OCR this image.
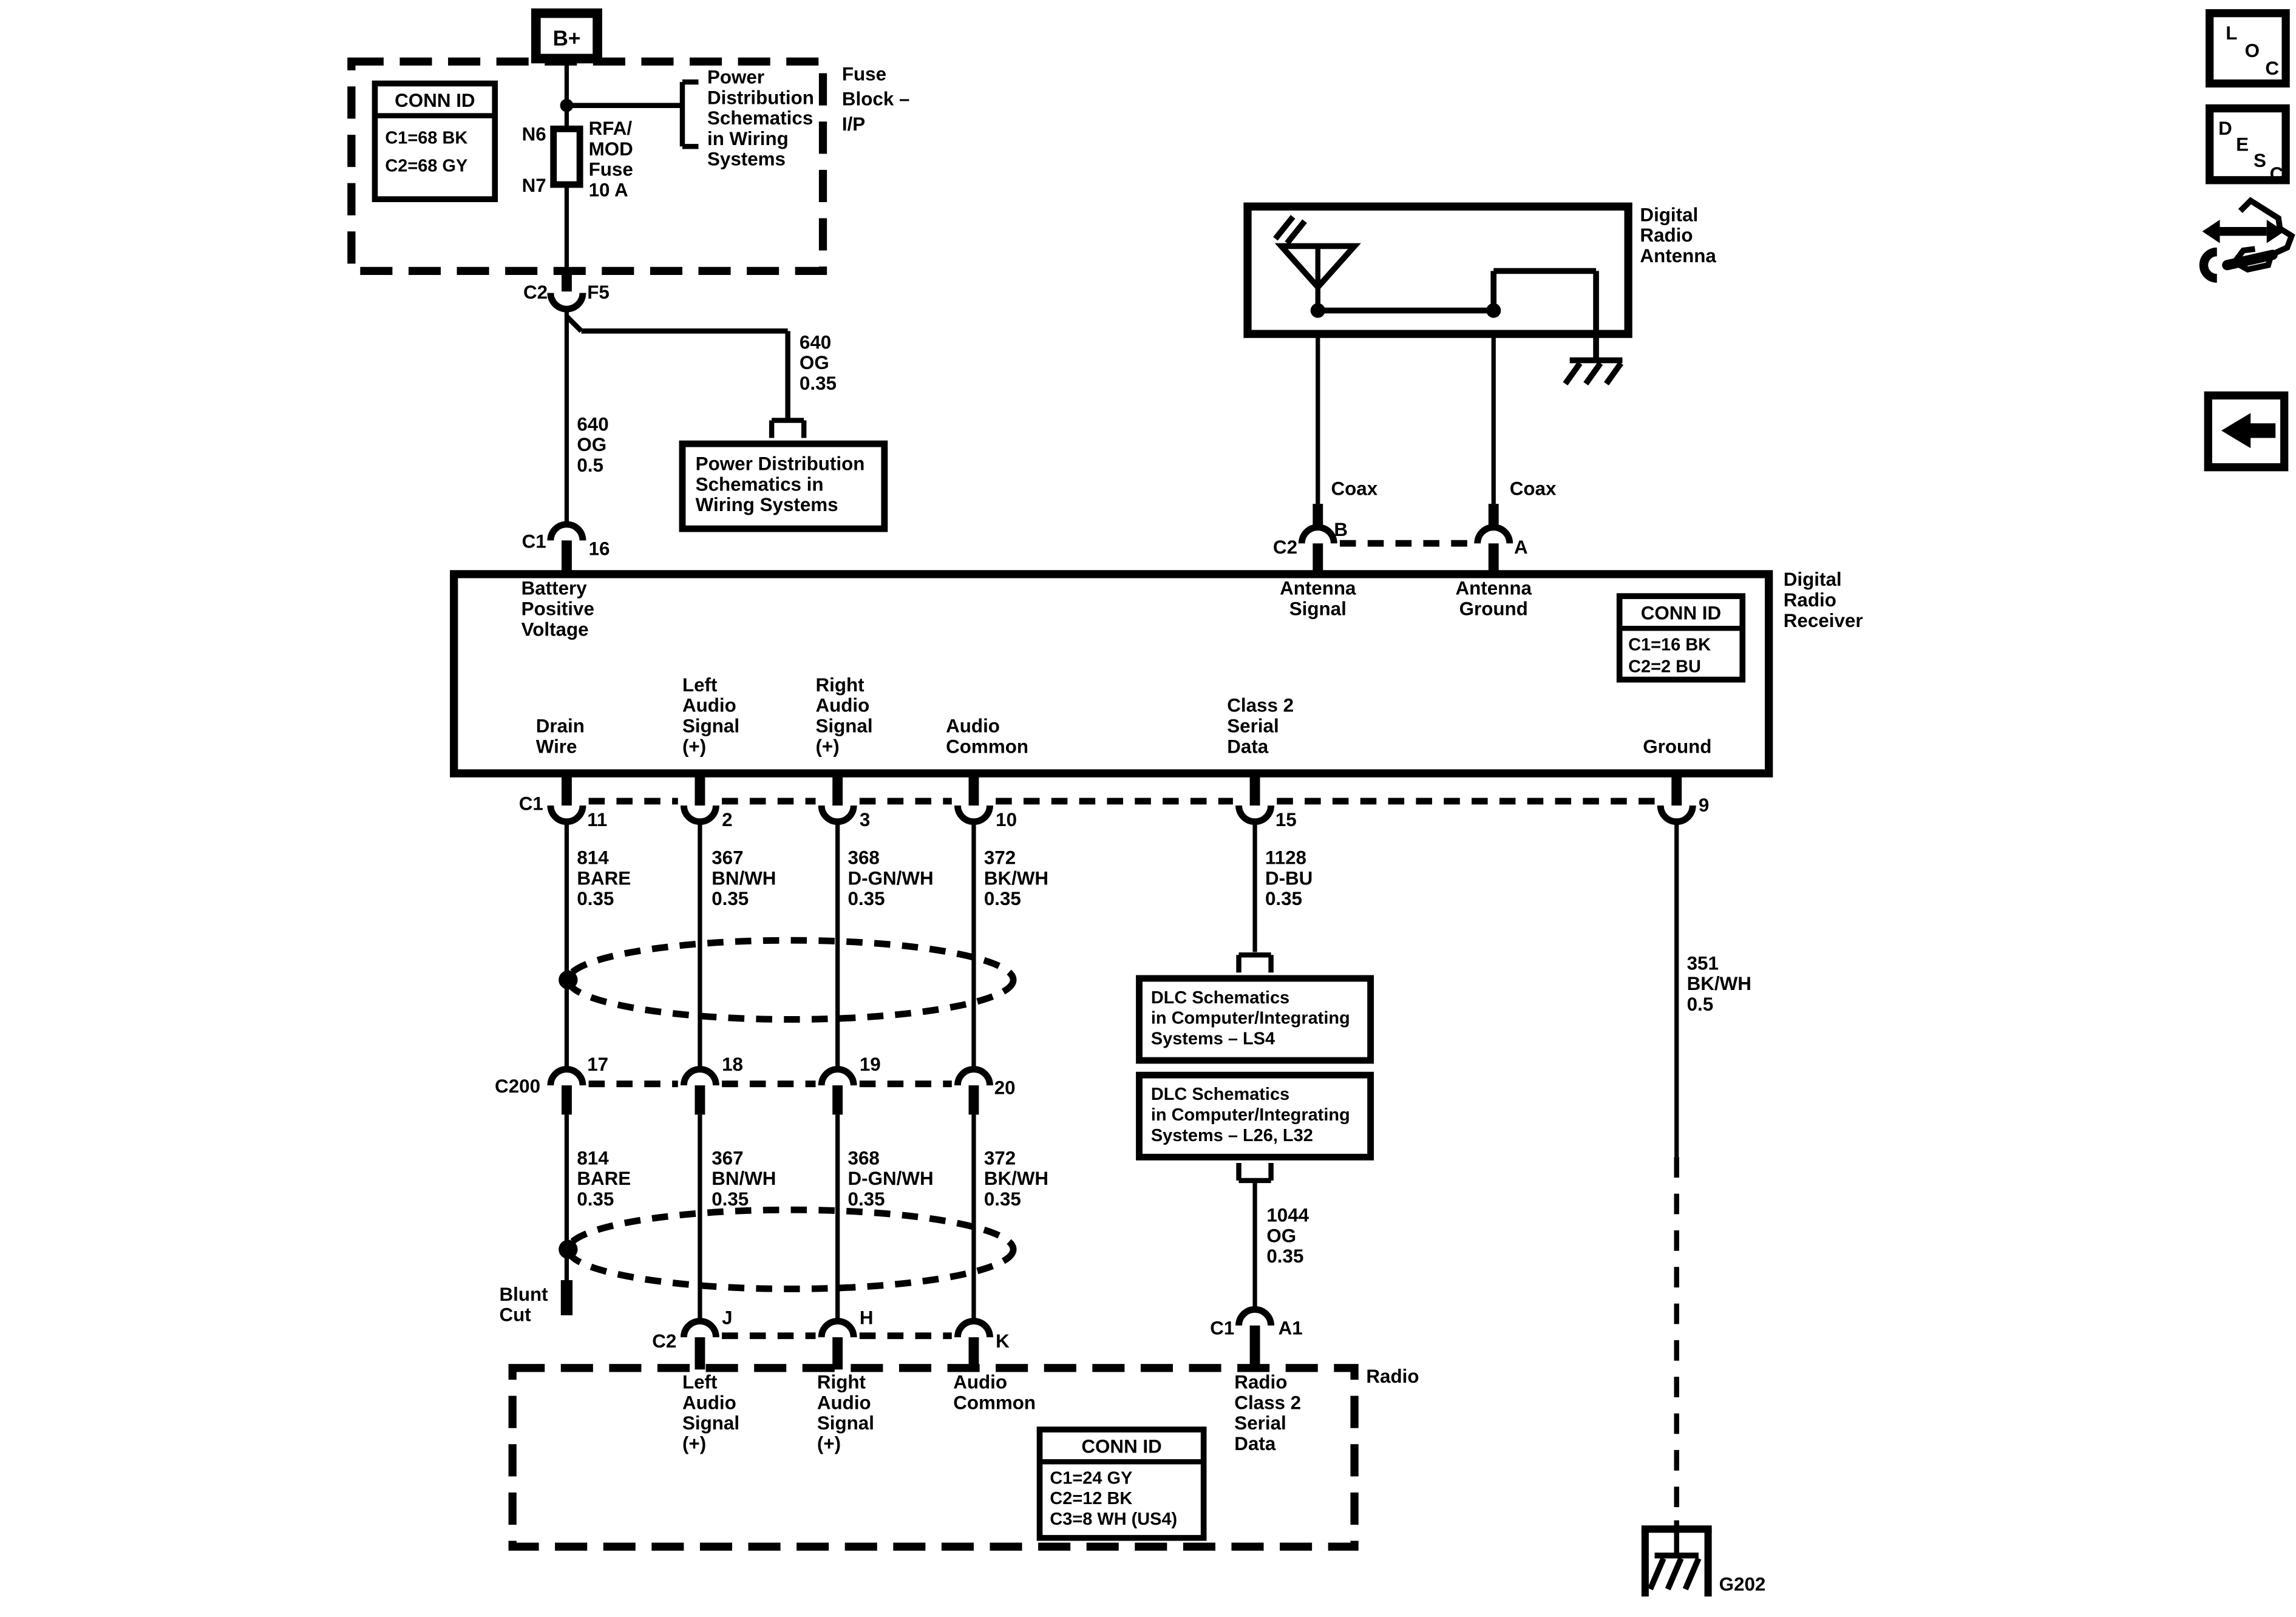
B+
CONN ID
C1=68 BK
C2=68 GY
N6
N7
RFA/
MOD
Fuse
10 A
Power
Distribution
Schematics
in Wiring
Systems
Fuse
Block –
I/P
C2	F5
640
OG
0.35
Power Distribution
Schematics in
Wiring Systems
640
OG
0.5
C1	16
Digital
Radio
Antenna
Coax	Coax
C2
B
A
Digital
Radio
Receiver
CONN ID
C1=16 BK
C2=2 BU
Battery
Positive
Voltage
Antenna
Signal
Antenna
Ground
Drain
Wire
Left
Audio
Signal
(+)
Right
Audio
Signal
(+)
Audio
Common
Class 2
Serial
Data	Ground
C1
11	2	3	10	15
9
814
BARE
0.35
367
BN/WH
0.35
368
D-GN/WH
0.35
372
BK/WH
0.35
C200
17	18	19
20
814
BARE
0.35
367
BN/WH
0.35
368
D-GN/WH
0.35
372
BK/WH
0.35
Blunt
Cut
1128
D-BU
0.35
DLC Schematics
in Computer/Integrating
Systems – LS4
DLC Schematics
in Computer/Integrating
Systems – L26, L32
1044
OG
0.35
C1	A1
C2
J	H
K
Radio
Left
Audio
Signal
(+)
Right
Audio
Signal
(+)
Audio
Common
Radio
Class 2
Serial
Data
CONN ID
C1=24 GY
C2=12 BK
C3=8 WH (US4)
351
BK/WH
0.5
G202
L
O
C
D
E
S
C
